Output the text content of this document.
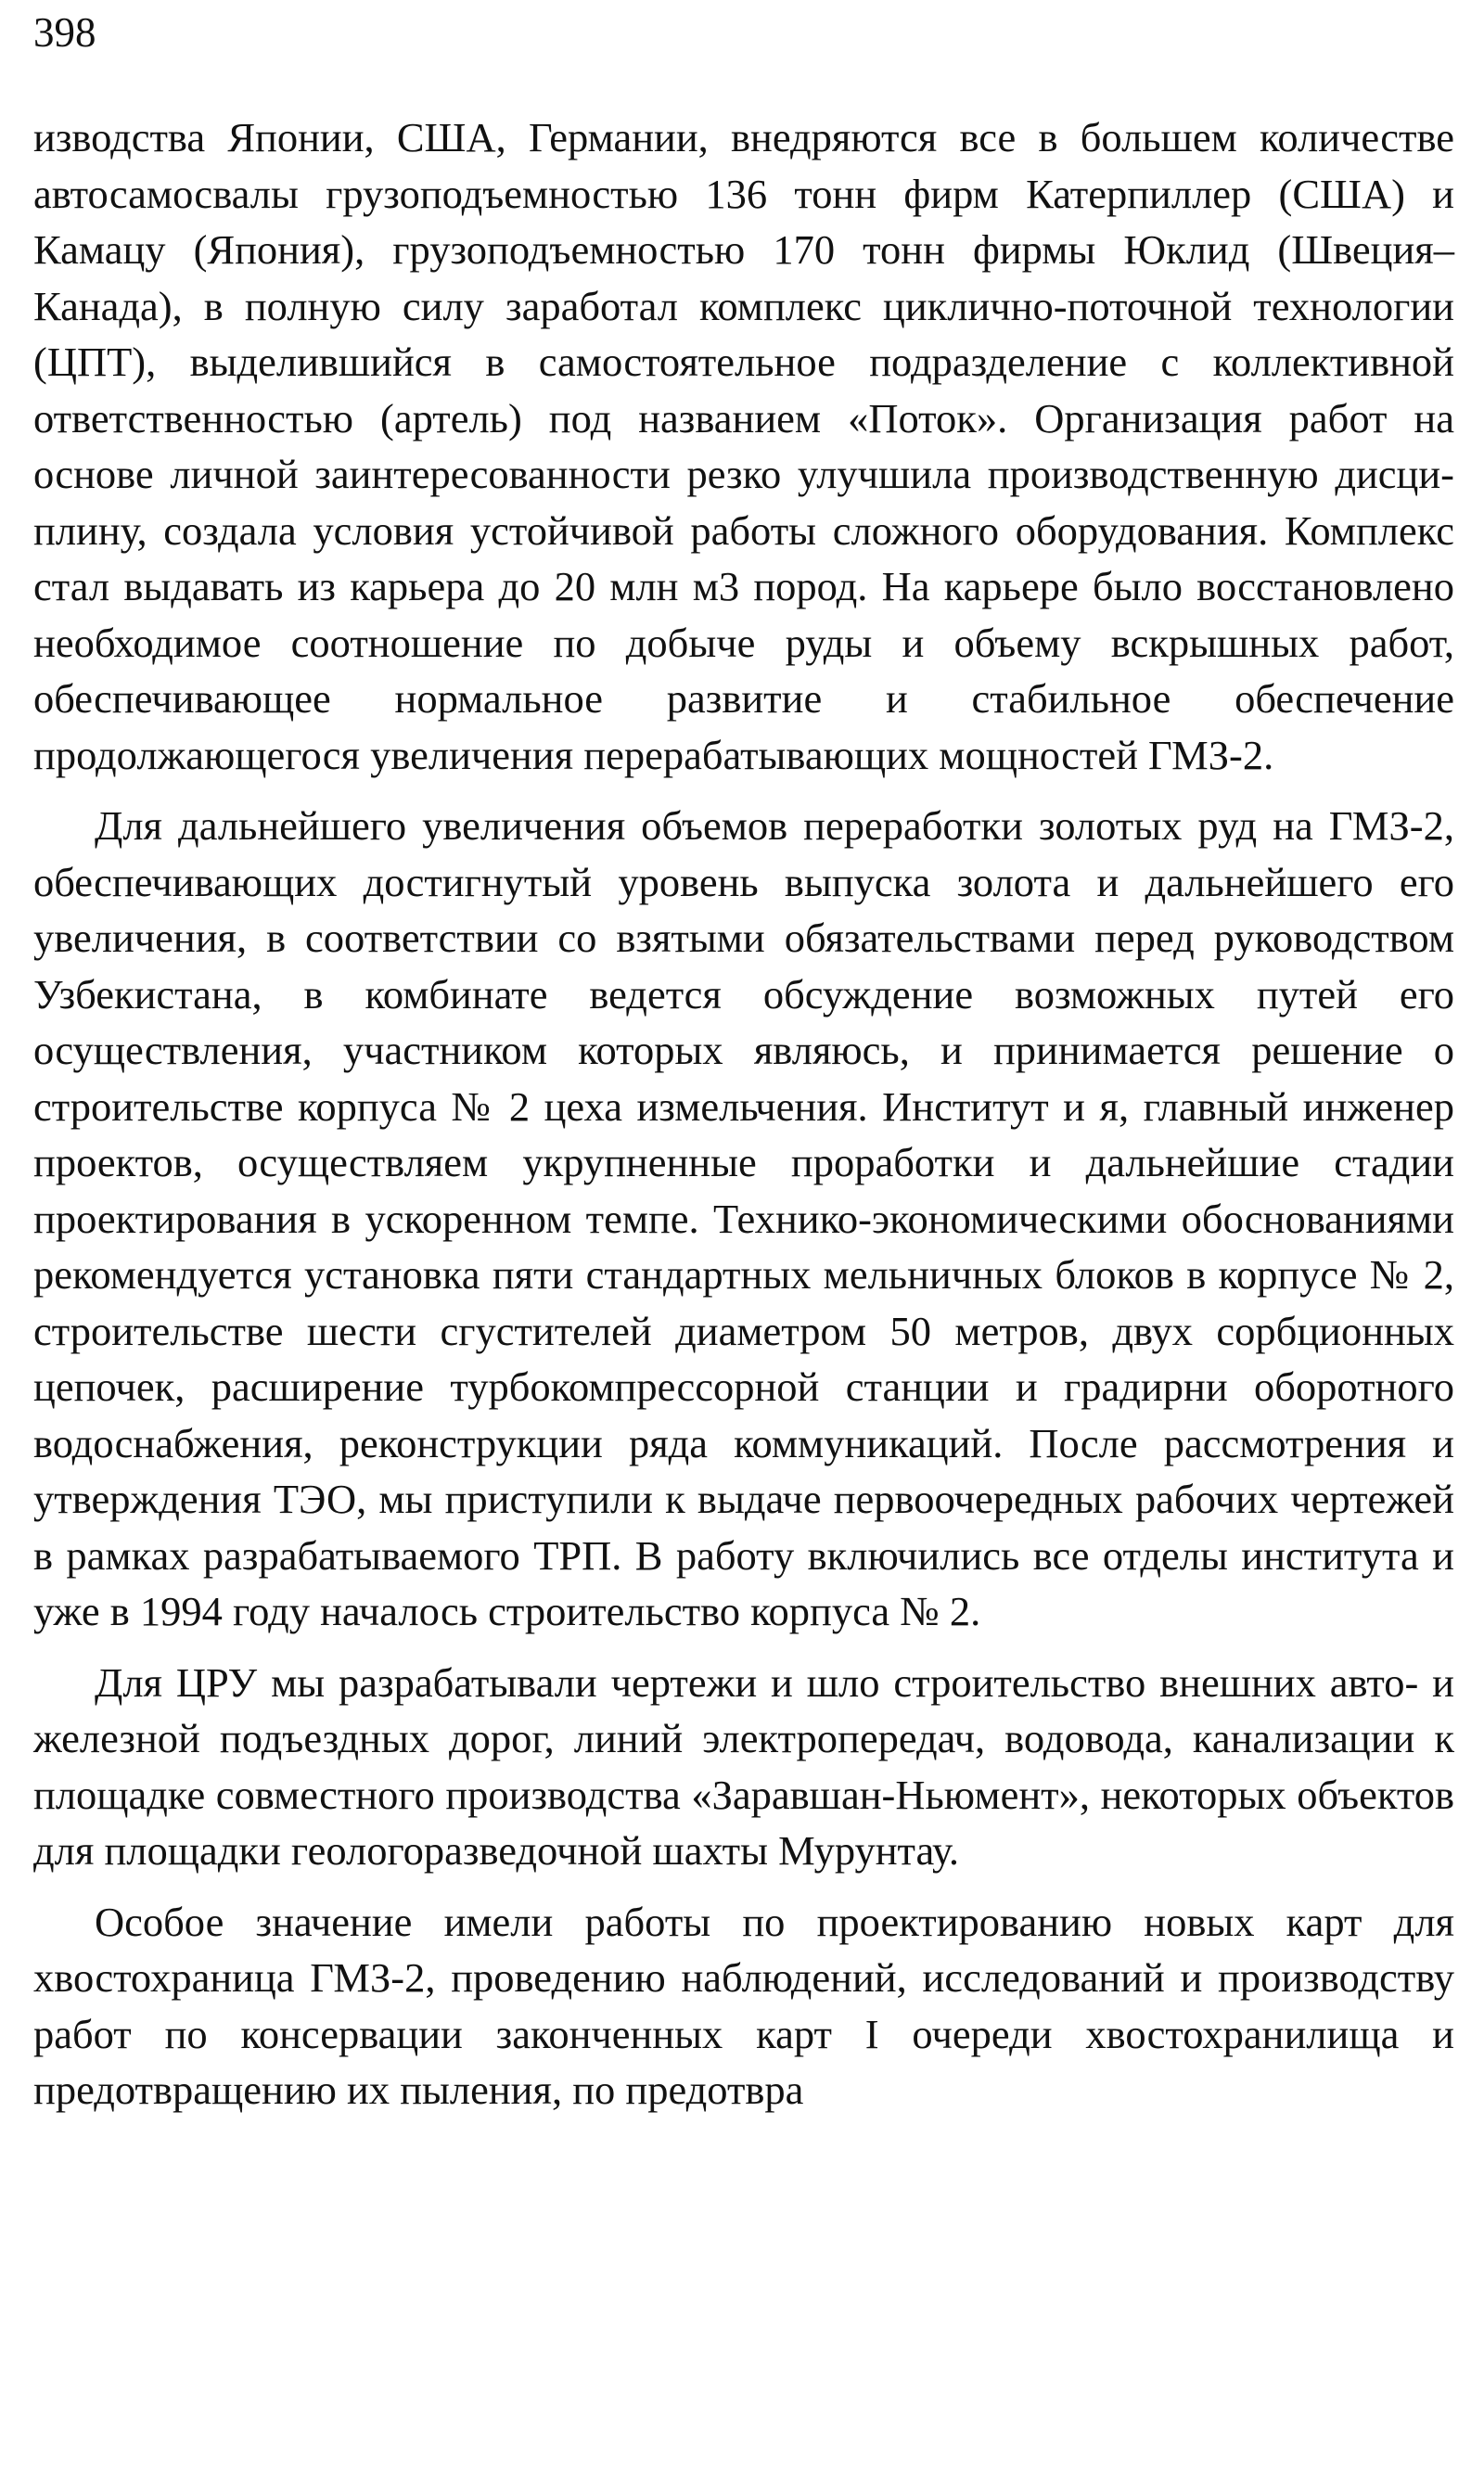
398

изводства Японии, США, Германии, внедряются все в большем количестве автосамосвалы грузоподъемностью 136 тонн фирм Катерпиллер (США) и Камацу (Япония), грузоподъемностью 170 тонн фирмы Юклид (Швеция–Канада), в полную силу заработал комплекс циклично-поточной технологии (ЦПТ), выделившийся в самостоятельное подразделение с коллективной ответственностью (артель) под названием «Поток». Организация работ на основе личной заинтересованности резко улучшила производственную дисциплину, создала условия устойчивой работы сложного оборудования. Комплекс стал выдавать из карьера до 20 млн м3 пород. На карьере было восстановлено необходимое соотношение по добыче руды и объему вскрышных работ, обеспечивающее нормальное развитие и стабильное обеспечение продолжающегося увеличения перерабатывающих мощностей ГМЗ-2.

Для дальнейшего увеличения объемов переработки золотых руд на ГМЗ-2, обеспечивающих достигнутый уровень выпуска золота и дальнейшего его увеличения, в соответствии со взятыми обязательствами перед руководством Узбекистана, в комбинате ведется обсуждение возможных путей его осуществления, участником которых являюсь, и принимается решение о строительстве корпуса № 2 цеха измельчения. Институт и я, главный инженер проектов, осуществляем укрупненные проработки и дальнейшие стадии проектирования в ускоренном темпе. Технико-экономическими обоснованиями рекомендуется установка пяти стандартных мельничных блоков в корпусе № 2, строительстве шести сгустителей диаметром 50 метров, двух сорбционных цепочек, расширение турбокомпрессорной станции и градирни оборотного водоснабжения, реконструкции ряда коммуникаций. После рассмотрения и утверждения ТЭО, мы приступили к выдаче первоочередных рабочих чертежей в рамках разрабатываемого ТРП. В работу включились все отделы института и уже в 1994 году началось строительство корпуса № 2.

Для ЦРУ мы разрабатывали чертежи и шло строительство внешних авто- и железной подъездных дорог, линий электропередач, водовода, канализации к площадке совместного производства «Заравшан-Ньюмент», некоторых объектов для площадки геологоразведочной шахты Мурунтау.

Особое значение имели работы по проектированию новых карт для хвостохраница ГМЗ-2, проведению наблюдений, исследований и производству работ по консервации законченных карт I очереди хвостохранилища и предотвращению их пыления, по предотвра
